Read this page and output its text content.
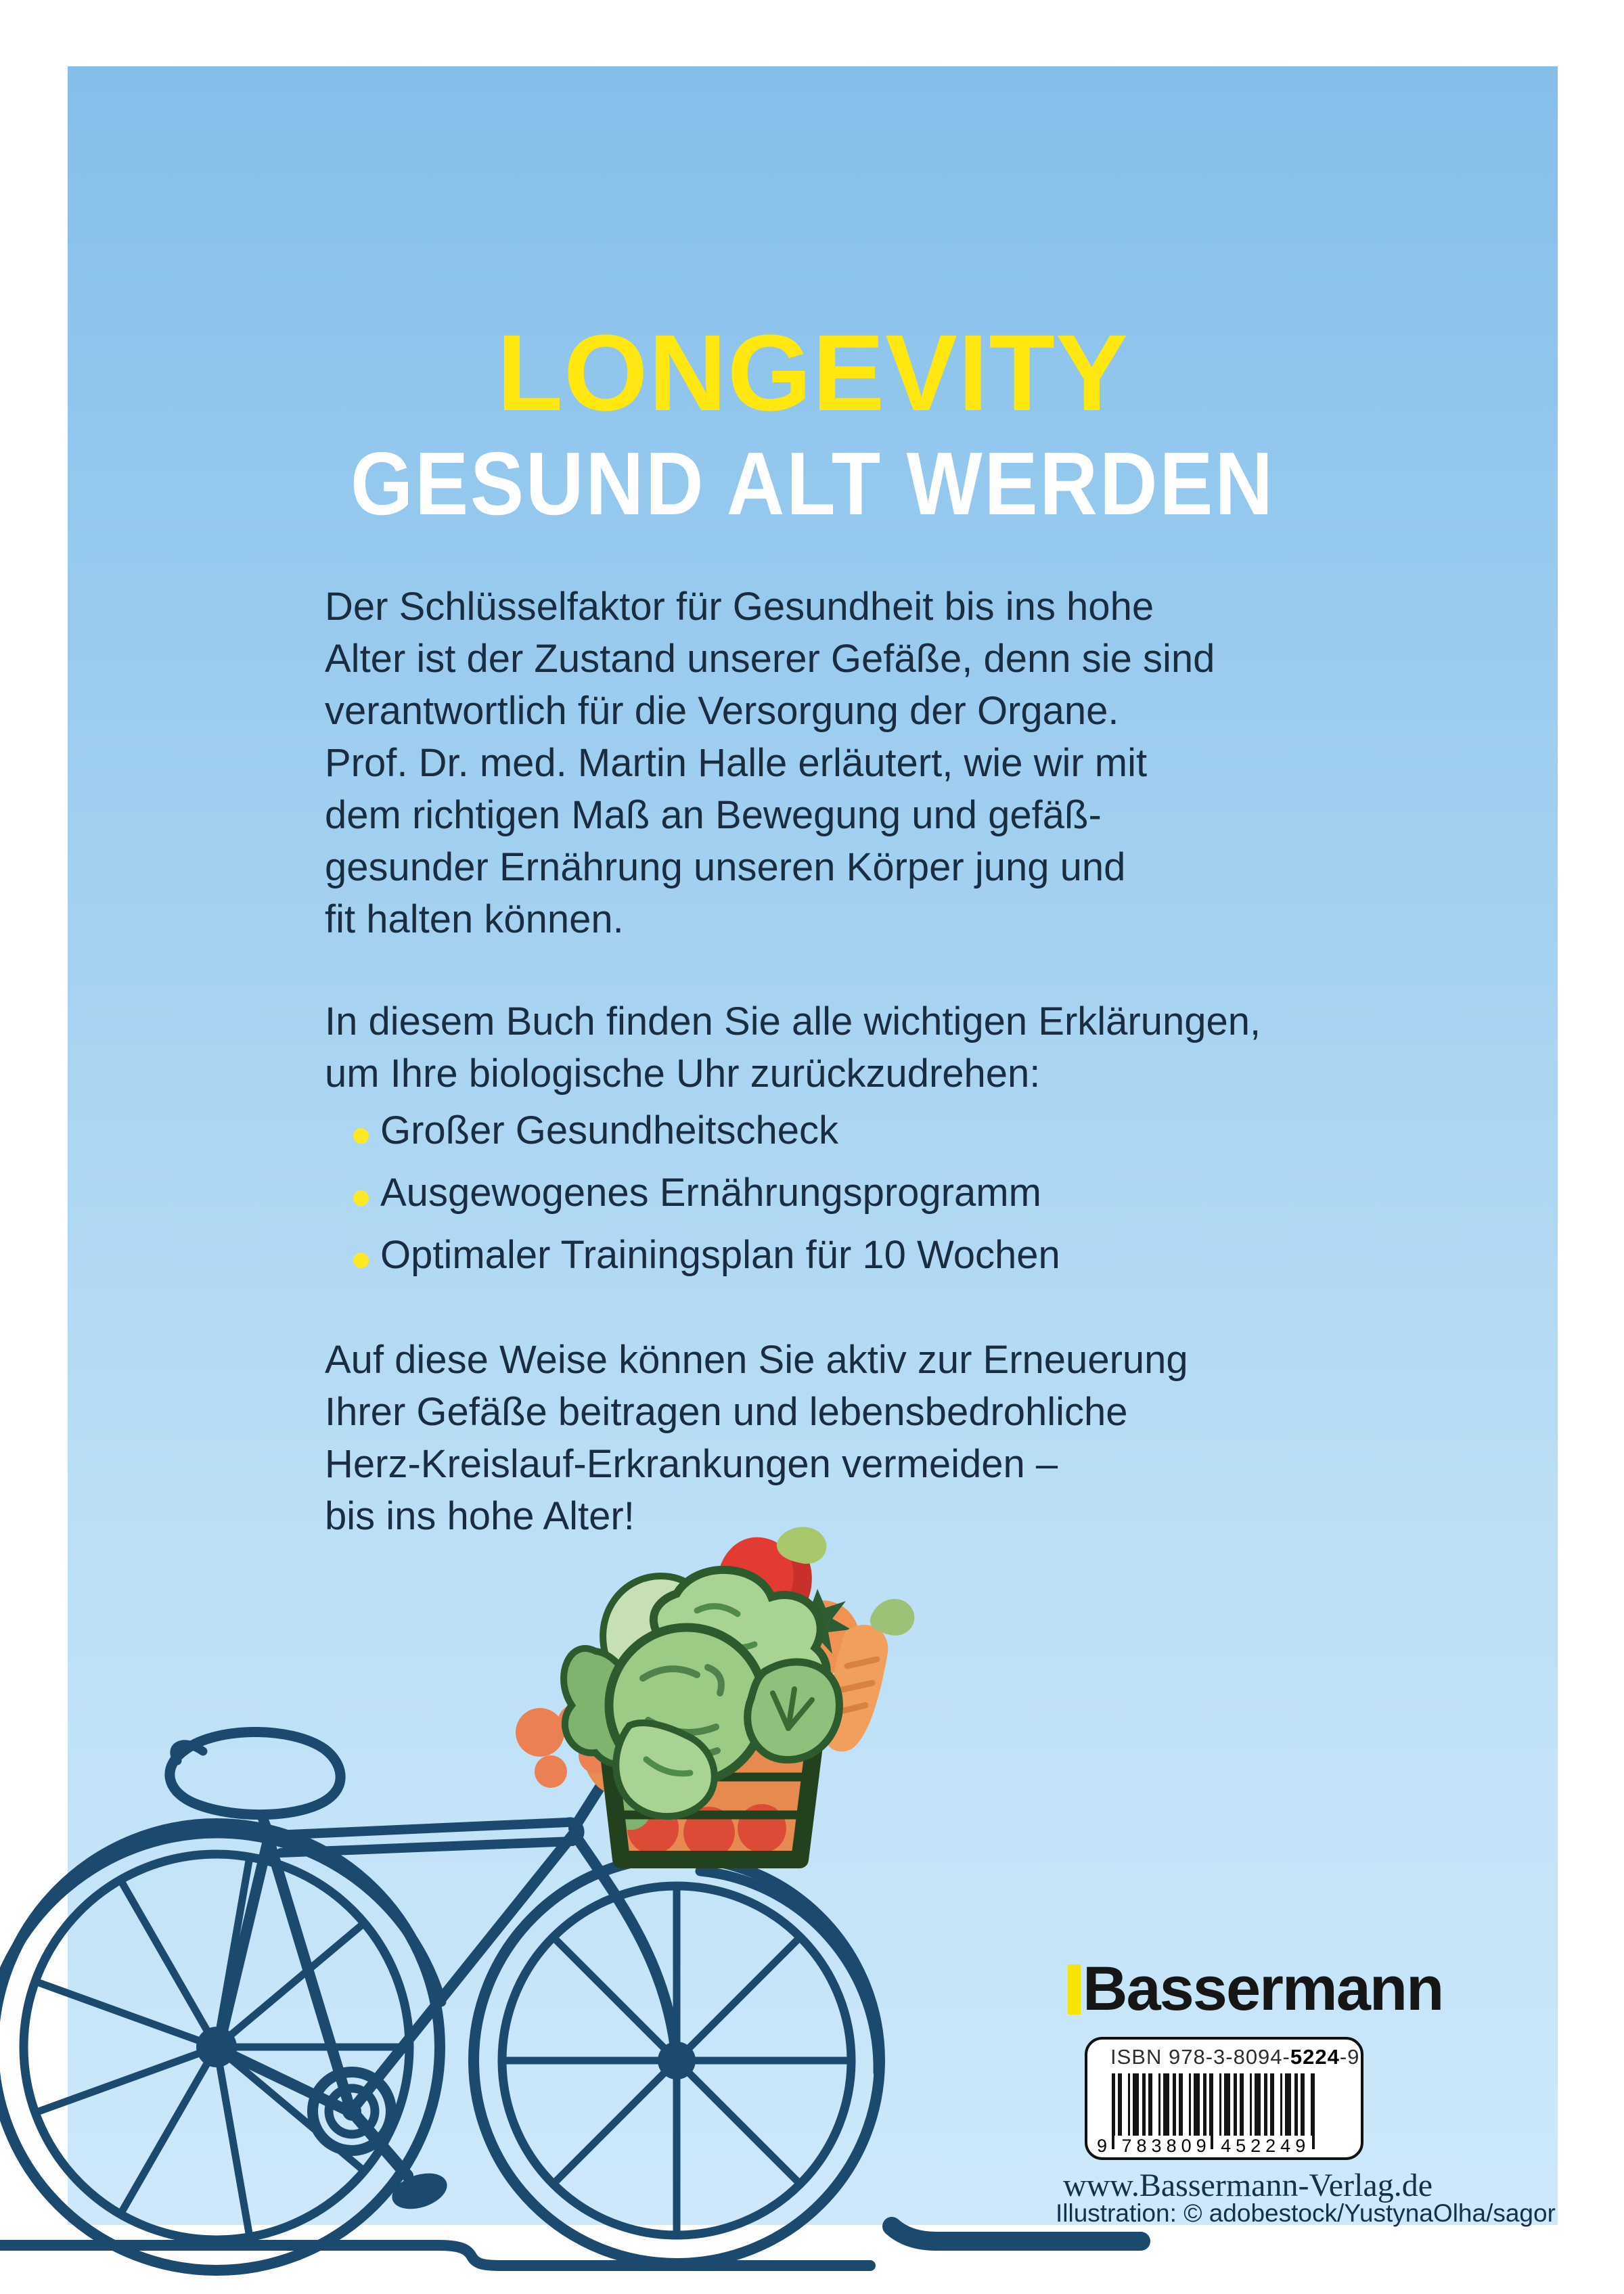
LONGEVITY
GESUND ALT WERDEN
Der Schlüsselfaktor für Gesundheit bis ins hohe
Alter ist der Zustand unserer Gefäße, denn sie sind
verantwortlich für die Versorgung der Organe.
Prof. Dr. med. Martin Halle erläutert, wie wir mit
dem richtigen Maß an Bewegung und gefäß-
gesunder Ernährung unseren Körper jung und
fit halten können.
In diesem Buch finden Sie alle wichtigen Erklärungen,
um Ihre biologische Uhr zurückzudrehen:
Großer Gesundheitscheck
Ausgewogenes Ernährungsprogramm
Optimaler Trainingsplan für 10 Wochen
Auf diese Weise können Sie aktiv zur Erneuerung
Ihrer Gefäße beitragen und lebensbedrohliche
Herz-Kreislauf-Erkrankungen vermeiden –
bis ins hohe Alter!
Bassermann
ISBN 978-3-8094-5224-9
9 783809 452249
www.Bassermann-Verlag.de
Illustration: © adobestock/YustynaOlha/sagor
